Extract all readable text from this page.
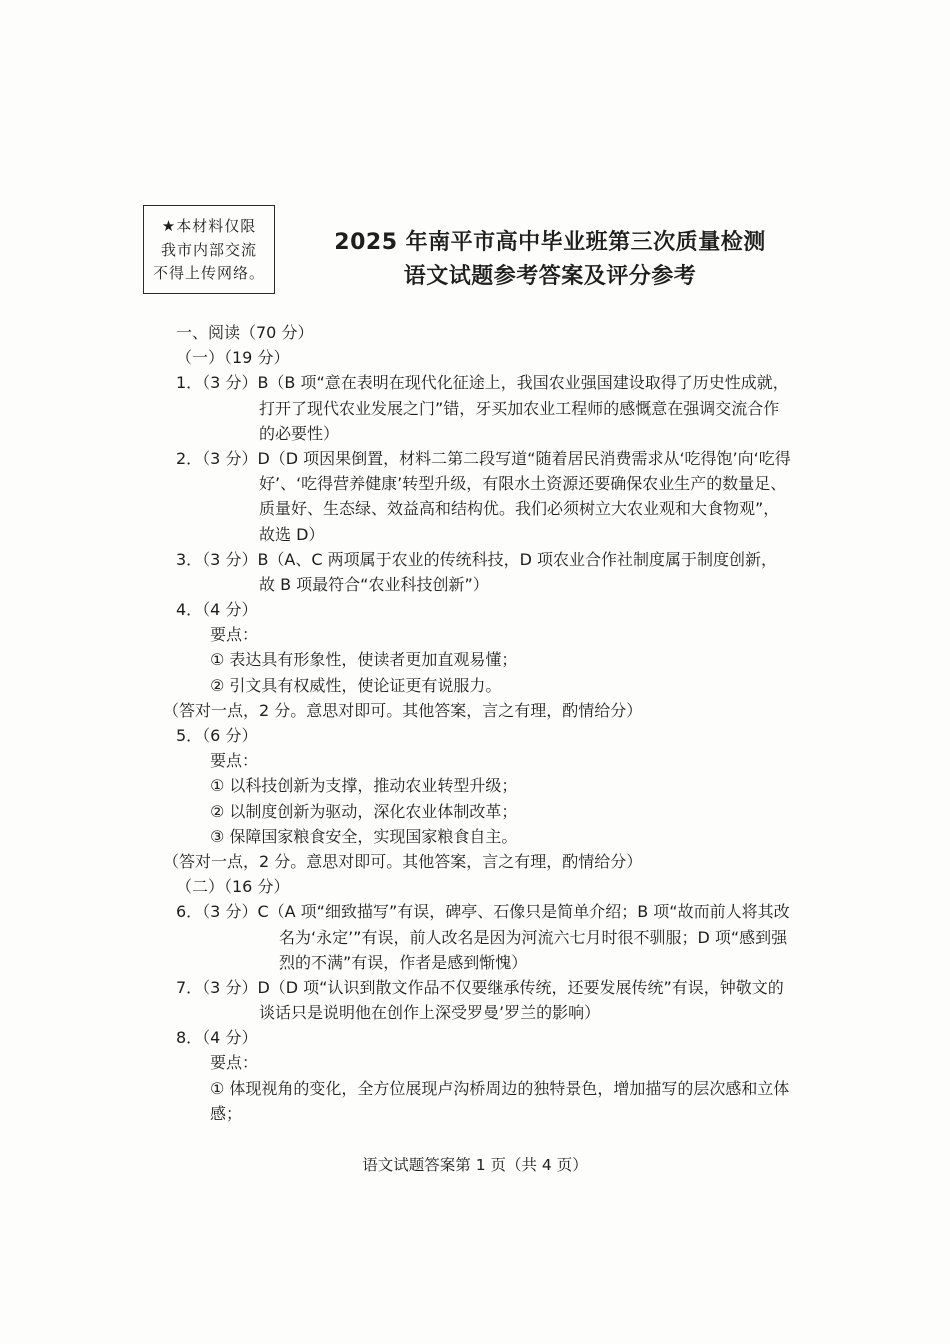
★本材料仅限
我市内部交流
不得上传网络。
2025 年南平市高中毕业班第三次质量检测
语文试题参考答案及评分参考
一、阅读（70 分）
（一）（19 分）
1．（3 分）B（B 项“意在表明在现代化征途上，我国农业强国建设取得了历史性成就，
打开了现代农业发展之门”错，牙买加农业工程师的感慨意在强调交流合作
的必要性）
2．（3 分）D（D 项因果倒置，材料二第二段写道“随着居民消费需求从‘吃得饱’向‘吃得
好’、‘吃得营养健康’转型升级，有限水土资源还要确保农业生产的数量足、
质量好、生态绿、效益高和结构优。我们必须树立大农业观和大食物观”，
故选 D）
3．（3 分）B（A、C 两项属于农业的传统科技，D 项农业合作社制度属于制度创新，
故 B 项最符合“农业科技创新”）
4．（4 分）
要点：
① 表达具有形象性，使读者更加直观易懂；
② 引文具有权威性，使论证更有说服力。
（答对一点，2 分。意思对即可。其他答案，言之有理，酌情给分）
5．（6 分）
要点：
① 以科技创新为支撑，推动农业转型升级；
② 以制度创新为驱动，深化农业体制改革；
③ 保障国家粮食安全，实现国家粮食自主。
（答对一点，2 分。意思对即可。其他答案，言之有理，酌情给分）
（二）（16 分）
6．（3 分）C（A 项“细致描写”有误，碑亭、石像只是简单介绍；B 项“故而前人将其改
名为‘永定’”有误，前人改名是因为河流六七月时很不驯服；D 项“感到强
烈的不满”有误，作者是感到惭愧）
7．（3 分）D（D 项“认识到散文作品不仅要继承传统，还要发展传统”有误，钟敬文的
谈话只是说明他在创作上深受罗曼’罗兰的影响）
8．（4 分）
要点：
① 体现视角的变化，全方位展现卢沟桥周边的独特景色，增加描写的层次感和立体
感；
语文试题答案第 1 页（共 4 页）
